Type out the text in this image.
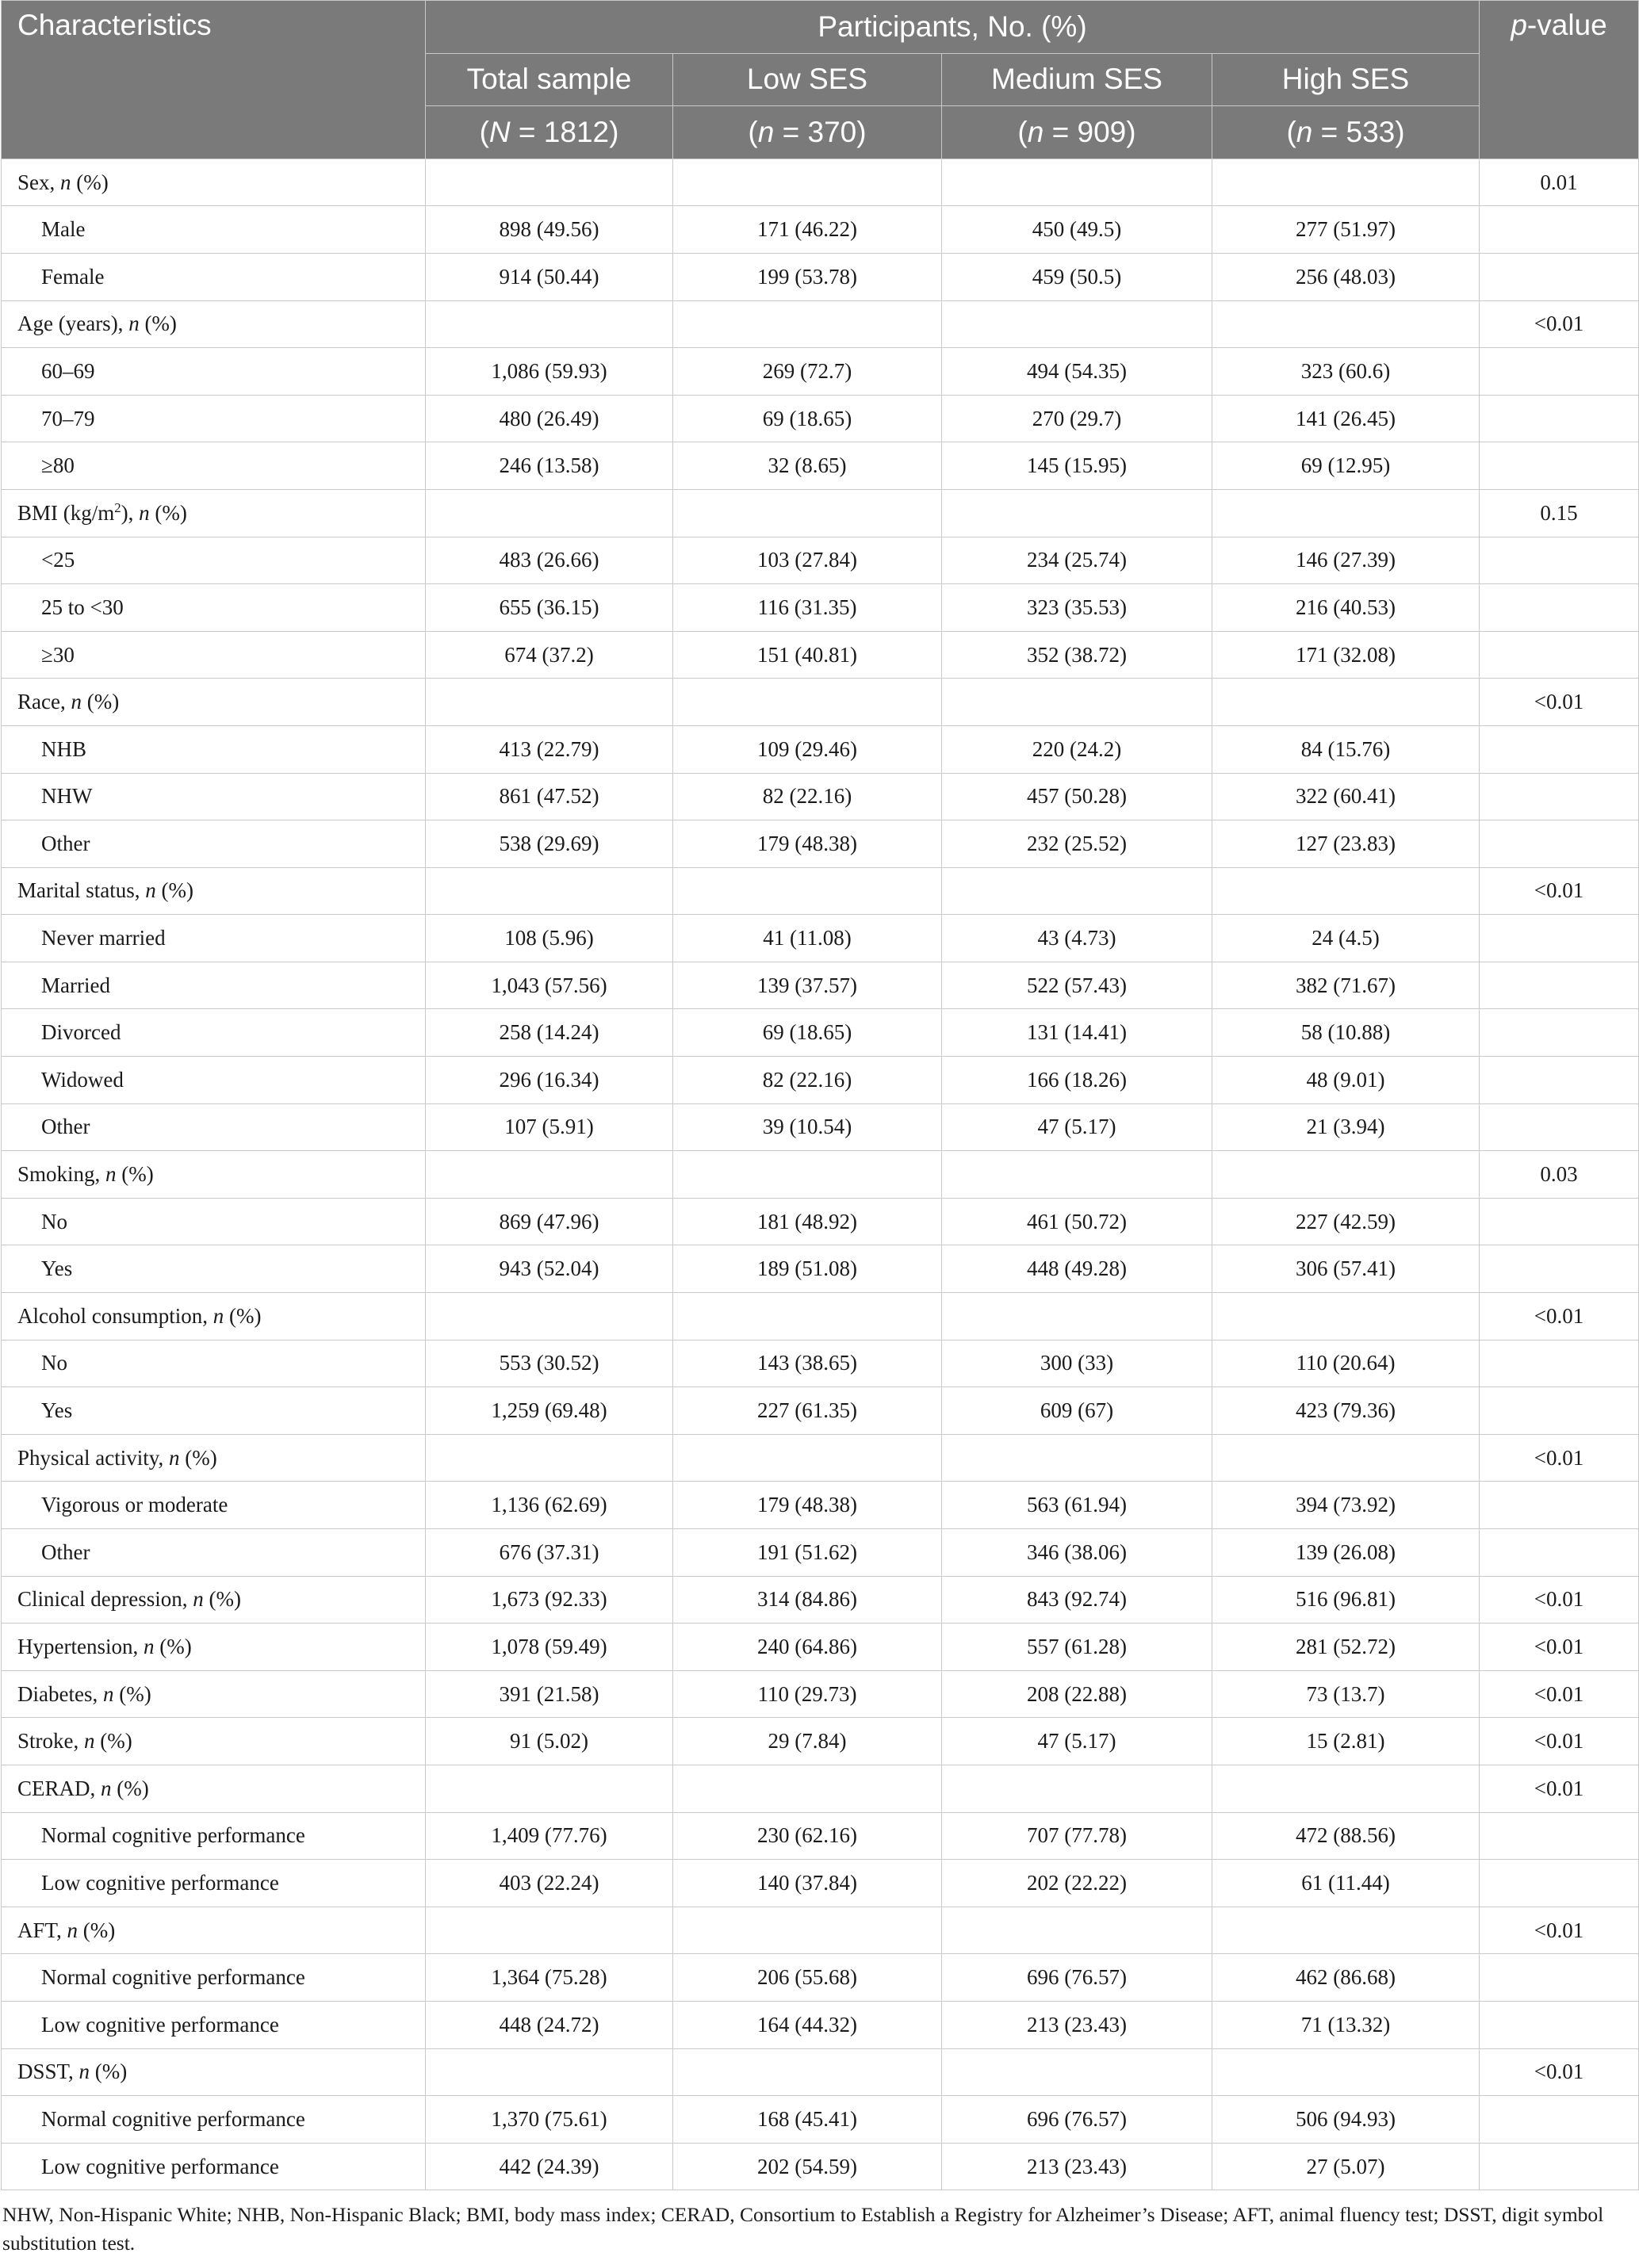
Characteristics	Participants, No. (%)				p-value
	Total sample	Low SES	Medium SES	High SES	
	(N = 1812)	(n = 370)	(n = 909)	(n = 533)	
Sex, n (%)					0.01
Male	898 (49.56)	171 (46.22)	450 (49.5)	277 (51.97)	
Female	914 (50.44)	199 (53.78)	459 (50.5)	256 (48.03)	
Age (years), n (%)					<0.01
60–69	1,086 (59.93)	269 (72.7)	494 (54.35)	323 (60.6)	
70–79	480 (26.49)	69 (18.65)	270 (29.7)	141 (26.45)	
≥80	246 (13.58)	32 (8.65)	145 (15.95)	69 (12.95)	
BMI $(kg/m^2)$, n (%)					0.15
<25	483 (26.66)	103 (27.84)	234 (25.74)	146 (27.39)	
25 to <30	655 (36.15)	116 (31.35)	323 (35.53)	216 (40.53)	
≥30	674 (37.2)	151 (40.81)	352 (38.72)	171 (32.08)	
Race, n (%)					<0.01
NHB	413 (22.79)	109 (29.46)	220 (24.2)	84 (15.76)	
NHW	861 (47.52)	82 (22.16)	457 (50.28)	322 (60.41)	
Other	538 (29.69)	179 (48.38)	232 (25.52)	127 (23.83)	
Marital status, n (%)					<0.01
Never married	108 (5.96)	41 (11.08)	43 (4.73)	24 (4.5)	
Married	1,043 (57.56)	139 (37.57)	522 (57.43)	382 (71.67)	
Divorced	258 (14.24)	69 (18.65)	131 (14.41)	58 (10.88)	
Widowed	296 (16.34)	82 (22.16)	166 (18.26)	48 (9.01)	
Other	107 (5.91)	39 (10.54)	47 (5.17)	21 (3.94)	
Smoking, n (%)					0.03
No	869 (47.96)	181 (48.92)	461 (50.72)	227 (42.59)	
Yes	943 (52.04)	189 (51.08)	448 (49.28)	306 (57.41)	
Alcohol consumption, n (%)					<0.01
No	553 (30.52)	143 (38.65)	300 (33)	110 (20.64)	
Yes	1,259 (69.48)	227 (61.35)	609 (67)	423 (79.36)	
Physical activity, n (%)					<0.01
Vigorous or moderate	1,136 (62.69)	179 (48.38)	563 (61.94)	394 (73.92)	
Other	676 (37.31)	191 (51.62)	346 (38.06)	139 (26.08)	
Clinical depression, n (%)	1,673 (92.33)	314 (84.86)	843 (92.74)	516 (96.81)	<0.01
Hypertension, n (%)	1,078 (59.49)	240 (64.86)	557 (61.28)	281 (52.72)	<0.01
Diabetes, n (%)	391 (21.58)	110 (29.73)	208 (22.88)	73 (13.7)	<0.01
Stroke, n (%)	91 (5.02)	29 (7.84)	47 (5.17)	15 (2.81)	<0.01
CERAD, n (%)					<0.01
Normal cognitive performance	1,409 (77.76)	230 (62.16)	707 (77.78)	472 (88.56)	
Low cognitive performance	403 (22.24)	140 (37.84)	202 (22.22)	61 (11.44)	
AFT, n (%)					<0.01
Normal cognitive performance	1,364 (75.28)	206 (55.68)	696 (76.57)	462 (86.68)	
Low cognitive performance	448 (24.72)	164 (44.32)	213 (23.43)	71 (13.32)	
DSST, n (%)					<0.01
Normal cognitive performance	1,370 (75.61)	168 (45.41)	696 (76.57)	506 (94.93)	
Low cognitive performance	442 (24.39)	202 (54.59)	213 (23.43)	27 (5.07)	
NHW, Non-Hispanic White; NHB, Non-Hispanic Black; BMI, body mass index; CERAD, Consortium to Establish a Registry for Alzheimer’s Disease; AFT, animal fluency test; DSST, digit symbol substitution test.
